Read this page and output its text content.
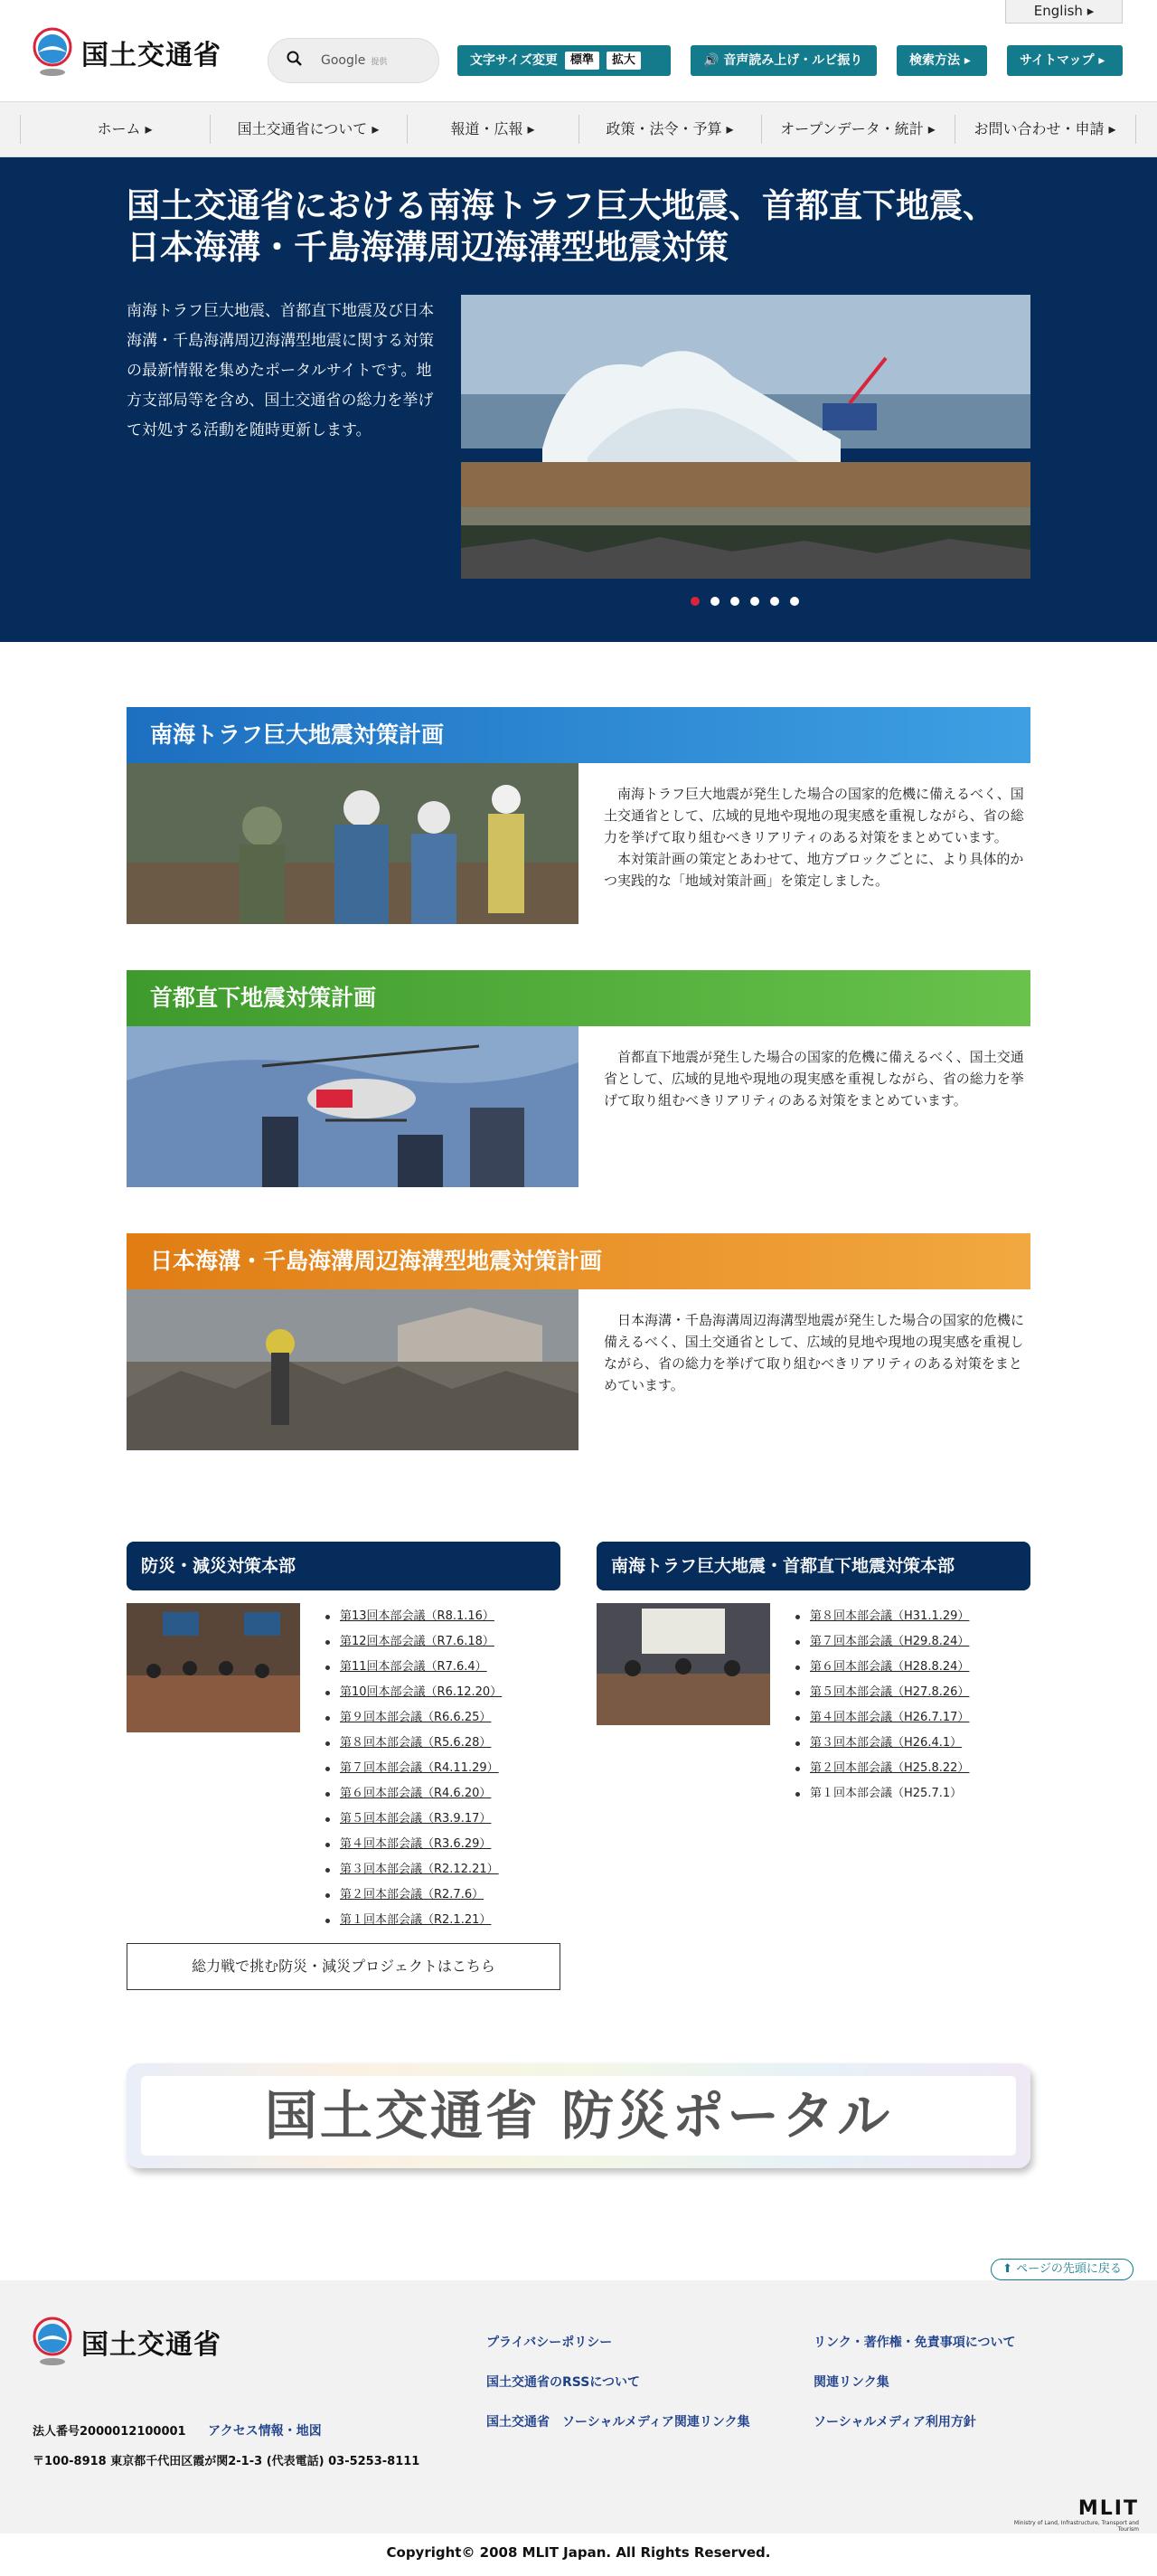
English ▸
国土交通省	Google 提供	文字サイズ変更	標準	拡大	🔊 音声読み上げ・ルビ振り	検索方法 ▸	サイトマップ ▸
ホーム ▸	国土交通省について ▸	報道・広報 ▸	政策・法令・予算 ▸	オープンデータ・統計 ▸	お問い合わせ・申請 ▸
国土交通省における南海トラフ巨大地震、首都直下地震、
日本海溝・千島海溝周辺海溝型地震対策
南海トラフ巨大地震、首都直下地震及び日本海溝・千島海溝周辺海溝型地震に関する対策の最新情報を集めたポータルサイトです。地方支部局等を含め、国土交通省の総力を挙げて対処する活動を随時更新します。
南海トラフ巨大地震対策計画
　南海トラフ巨大地震が発生した場合の国家的危機に備えるべく、国土交通省として、広域的見地や現地の現実感を重視しながら、省の総力を挙げて取り組むべきリアリティのある対策をまとめています。
　本対策計画の策定とあわせて、地方ブロックごとに、より具体的かつ実践的な「地域対策計画」を策定しました。
首都直下地震対策計画
　首都直下地震が発生した場合の国家的危機に備えるべく、国土交通省として、広域的見地や現地の現実感を重視しながら、省の総力を挙げて取り組むべきリアリティのある対策をまとめています。
日本海溝・千島海溝周辺海溝型地震対策計画
　日本海溝・千島海溝周辺海溝型地震が発生した場合の国家的危機に備えるべく、国土交通省として、広域的見地や現地の現実感を重視しながら、省の総力を挙げて取り組むべきリアリティのある対策をまとめています。
防災・減災対策本部
第13回本部会議（R8.1.16）
第12回本部会議（R7.6.18）
第11回本部会議（R7.6.4）
第10回本部会議（R6.12.20）
第９回本部会議（R6.6.25）
第８回本部会議（R5.6.28）
第７回本部会議（R4.11.29）
第６回本部会議（R4.6.20）
第５回本部会議（R3.9.17）
第４回本部会議（R3.6.29）
第３回本部会議（R2.12.21）
第２回本部会議（R2.7.6）
第１回本部会議（R2.1.21）
総力戦で挑む防災・減災プロジェクトはこちら
南海トラフ巨大地震・首都直下地震対策本部
第８回本部会議（H31.1.29）
第７回本部会議（H29.8.24）
第６回本部会議（H28.8.24）
第５回本部会議（H27.8.26）
第４回本部会議（H26.7.17）
第３回本部会議（H26.4.1）
第２回本部会議（H25.8.22）
第１回本部会議（H25.7.1）
国土交通省 防災ポータル
⬆ ページの先頭に戻る
国土交通省
法人番号2000012100001 アクセス情報・地図
〒100-8918 東京都千代田区霞が関2-1-3 (代表電話) 03-5253-8111
プライバシーポリシー
国土交通省のRSSについて
国土交通省　ソーシャルメディア関連リンク集
リンク・著作権・免責事項について
関連リンク集
ソーシャルメディア利用方針
MLIT
Ministry of Land, Infrastructure, Transport and Tourism
Copyright© 2008 MLIT Japan. All Rights Reserved.
